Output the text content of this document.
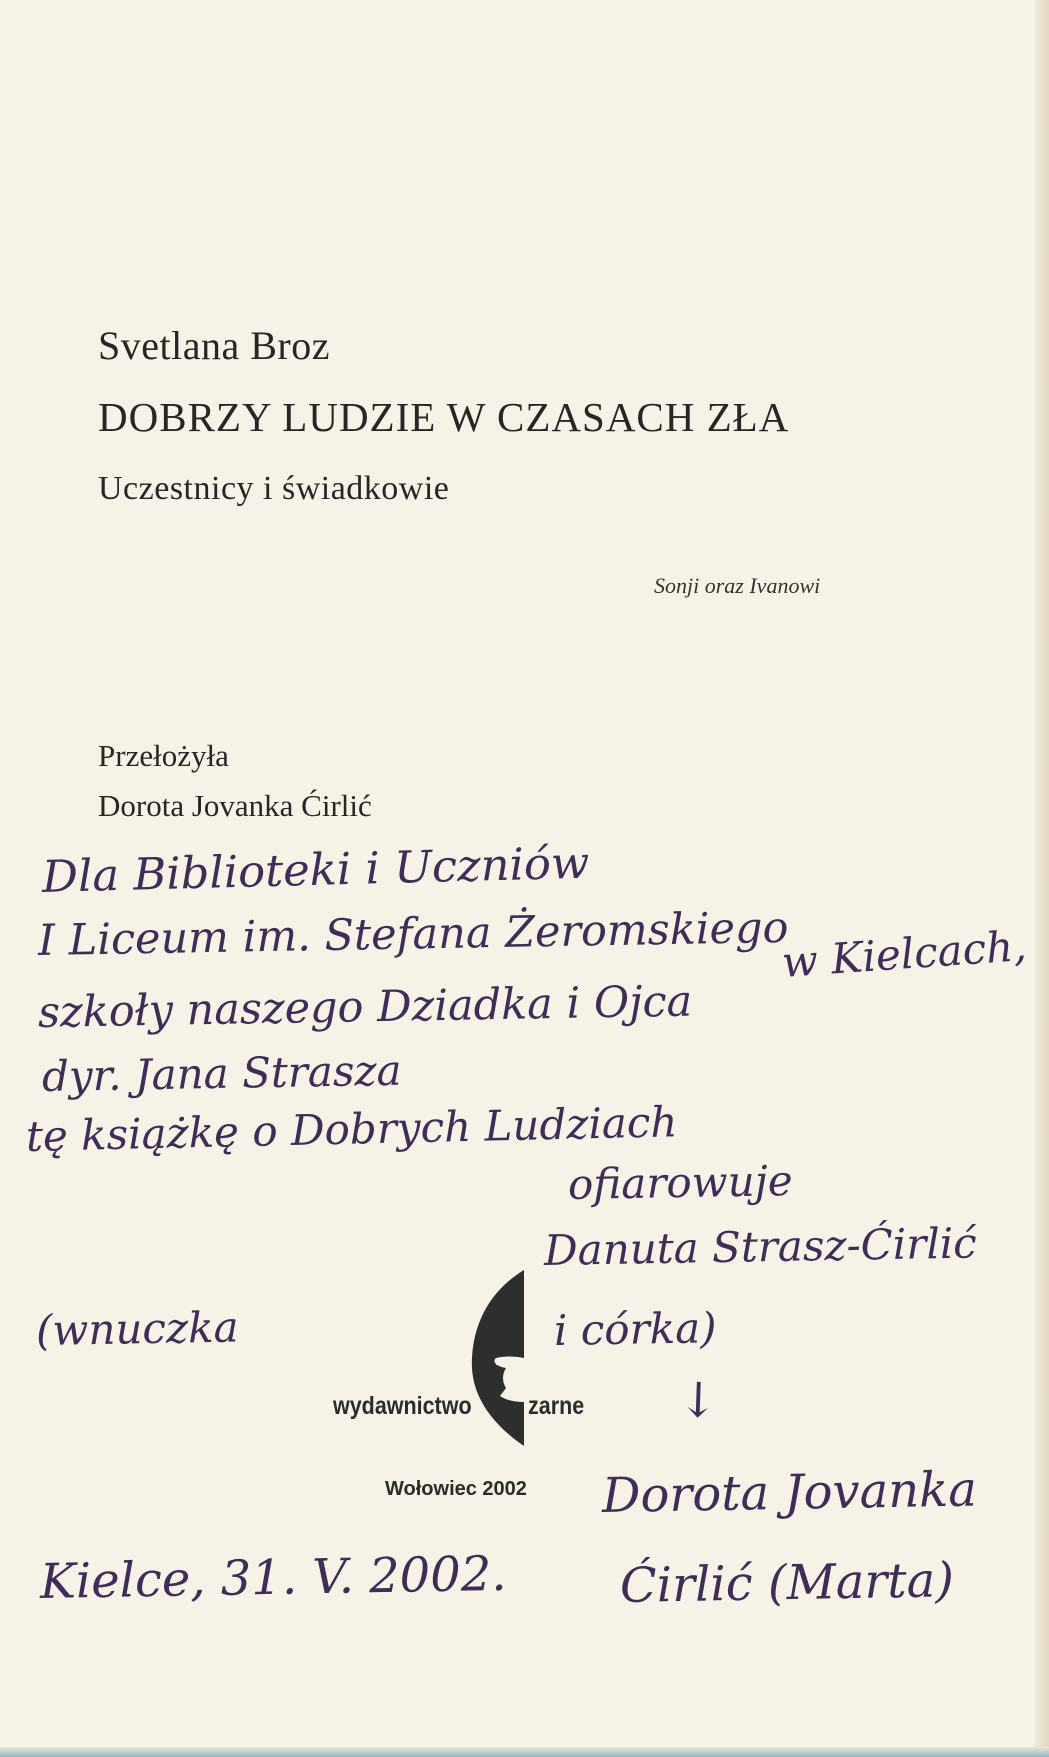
Svetlana Broz
DOBRZY LUDZIE W CZASACH ZŁA
Uczestnicy i świadkowie
Sonji oraz Ivanowi
Przełożyła
Dorota Jovanka Ćirlić
Dla Biblioteki i Uczniów
I Liceum im. Stefana Żeromskiego
w Kielcach,
szkoły naszego Dziadka i Ojca
dyr. Jana Strasza
tę książkę o Dobrych Ludziach
ofiarowuje
Danuta Strasz-Ćirlić
(wnuczka	i córka)
↓
Dorota Jovanka
Ćirlić (Marta)
Kielce, 31. V. 2002.
wydawnictwo zarne
Wołowiec 2002
